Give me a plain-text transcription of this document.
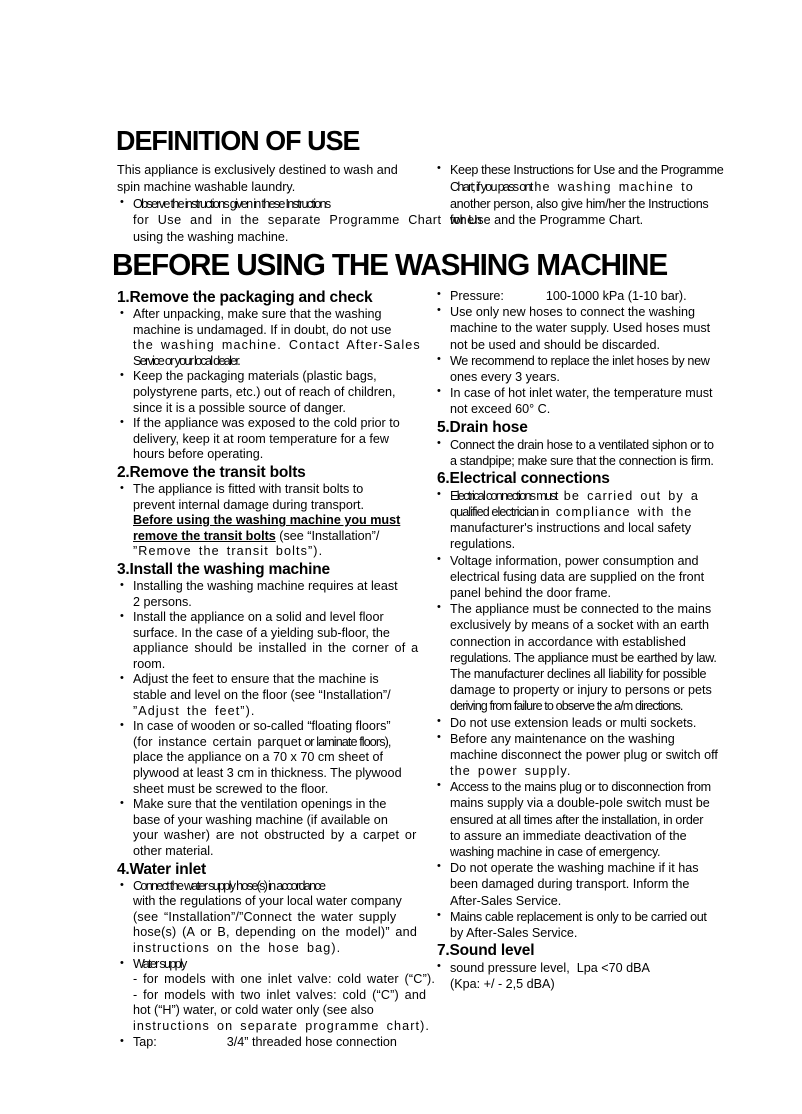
DEFINITION OF USE
This appliance is exclusively destined to wash and
spin machine washable laundry.
• Observe the instructions given in these Instructions
for Use and in the separate Programme Chart when
using the washing machine.
• Keep these Instructions for Use and the Programme
Chart; if you pass onthe washing machine to
another person, also give him/her the Instructions
for Use and the Programme Chart.
BEFORE USING THE WASHING MACHINE
1.Remove the packaging and check
• After unpacking, make sure that the washing
machine is undamaged. If in doubt, do not use
the washing machine. Contact After-Sales
Service or your local dealer.
• Keep the packaging materials (plastic bags,
polystyrene parts, etc.) out of reach of children,
since it is a possible source of danger.
• If the appliance was exposed to the cold prior to
delivery, keep it at room temperature for a few
hours before operating.
2.Remove the transit bolts
• The appliance is fitted with transit bolts to
prevent internal damage during transport.
Before using the washing machine you must
remove the transit bolts (see “Installation”/
”Remove the transit bolts”).
3.Install the washing machine
• Installing the washing machine requires at least
2 persons.
• Install the appliance on a solid and level floor
surface. In the case of a yielding sub-floor, the
appliance should be installed in the corner of a
room.
• Adjust the feet to ensure that the machine is
stable and level on the floor (see “Installation”/
”Adjust the feet”).
• In case of wooden or so-called “floating floors”
(for instance certain parquet or laminate floors),
place the appliance on a 70 x 70 cm sheet of
plywood at least 3 cm in thickness. The plywood
sheet must be screwed to the floor.
• Make sure that the ventilation openings in the
base of your washing machine (if available on
your washer) are not obstructed by a carpet or
other material.
4.Water inlet
• Connect the water supply hose(s) in accordance
with the regulations of your local water company
(see “Installation”/”Connect the water supply
hose(s) (A or B, depending on the model)” and
instructions on the hose bag).
• Water supply
- for models with one inlet valve: cold water (“C”).
- for models with two inlet valves: cold (“C”) and
hot (“H”) water, or cold water only (see also
instructions on separate programme chart).
• Tap:                    3/4” threaded hose connection
• Pressure:            100-1000 kPa (1-10 bar).
• Use only new hoses to connect the washing
machine to the water supply. Used hoses must
not be used and should be discarded.
• We recommend to replace the inlet hoses by new
ones every 3 years.
• In case of hot inlet water, the temperature must
not exceed 60° C.
5.Drain hose
• Connect the drain hose to a ventilated siphon or to
a standpipe; make sure that the connection is firm.
6.Electrical connections
• Electrical connections must be carried out by a
qualified electrician in compliance with the
manufacturer's instructions and local safety
regulations.
• Voltage information, power consumption and
electrical fusing data are supplied on the front
panel behind the door frame.
• The appliance must be connected to the mains
exclusively by means of a socket with an earth
connection in accordance with established
regulations. The appliance must be earthed by law.
The manufacturer declines all liability for possible
damage to property or injury to persons or pets
deriving from failure to observe the a/m directions.
• Do not use extension leads or multi sockets.
• Before any maintenance on the washing
machine disconnect the power plug or switch off
the power supply.
• Access to the mains plug or to disconnection from
mains supply via a double-pole switch must be
ensured at all times after the installation, in order
to assure an immediate deactivation of the
washing machine in case of emergency.
• Do not operate the washing machine if it has
been damaged during transport. Inform the
After-Sales Service.
• Mains cable replacement is only to be carried out
by After-Sales Service.
7.Sound level
• sound pressure level,  Lpa <70 dBA
(Kpa: +/ - 2,5 dBA)
